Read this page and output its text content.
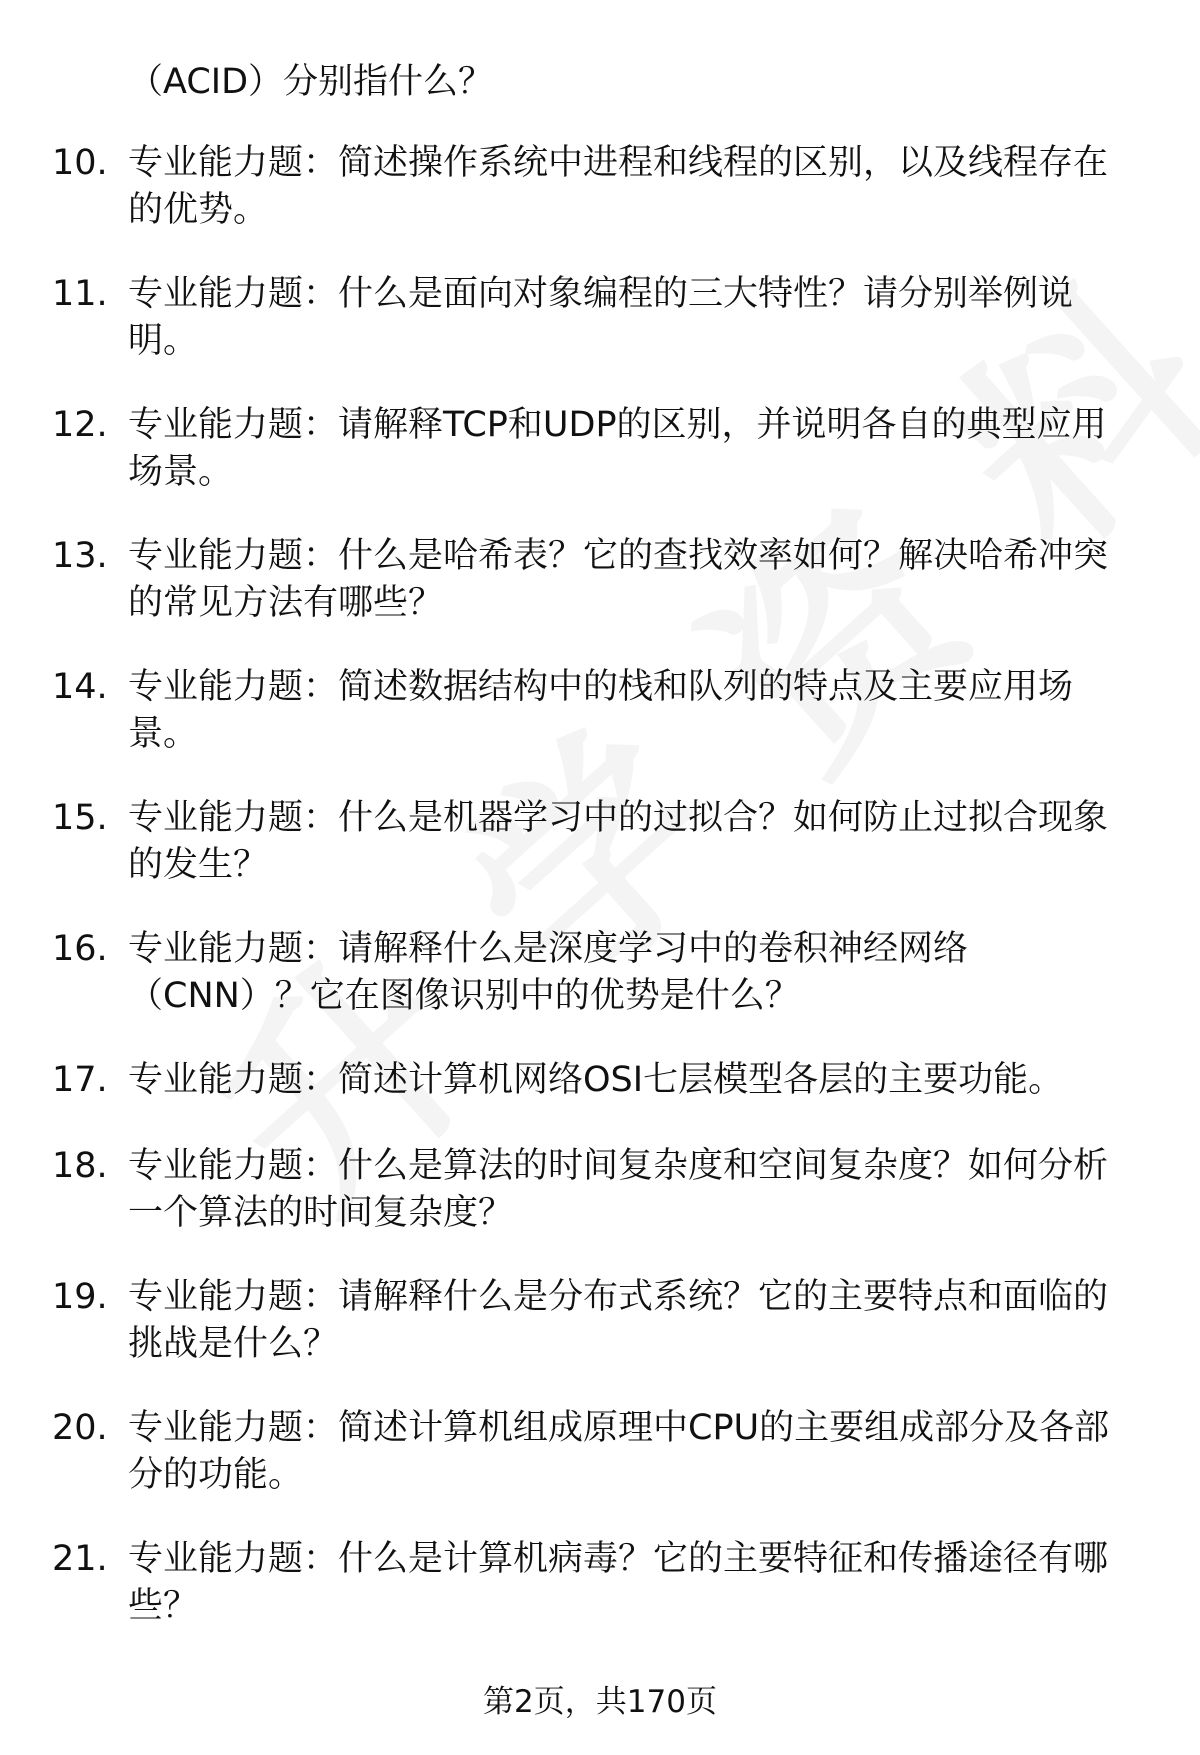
（ACID）分别指什么？
10. 专业能力题：简述操作系统中进程和线程的区别，以及线程存在的优势。
11. 专业能力题：什么是面向对象编程的三大特性？请分别举例说明。
12. 专业能力题：请解释TCP和UDP的区别，并说明各自的典型应用场景。
13. 专业能力题：什么是哈希表？它的查找效率如何？解决哈希冲突的常见方法有哪些？
14. 专业能力题：简述数据结构中的栈和队列的特点及主要应用场景。
15. 专业能力题：什么是机器学习中的过拟合？如何防止过拟合现象的发生？
16. 专业能力题：请解释什么是深度学习中的卷积神经网络（CNN）？它在图像识别中的优势是什么？
17. 专业能力题：简述计算机网络OSI七层模型各层的主要功能。
18. 专业能力题：什么是算法的时间复杂度和空间复杂度？如何分析一个算法的时间复杂度？
19. 专业能力题：请解释什么是分布式系统？它的主要特点和面临的挑战是什么？
20. 专业能力题：简述计算机组成原理中CPU的主要组成部分及各部分的功能。
21. 专业能力题：什么是计算机病毒？它的主要特征和传播途径有哪些？
第2页，共170页
